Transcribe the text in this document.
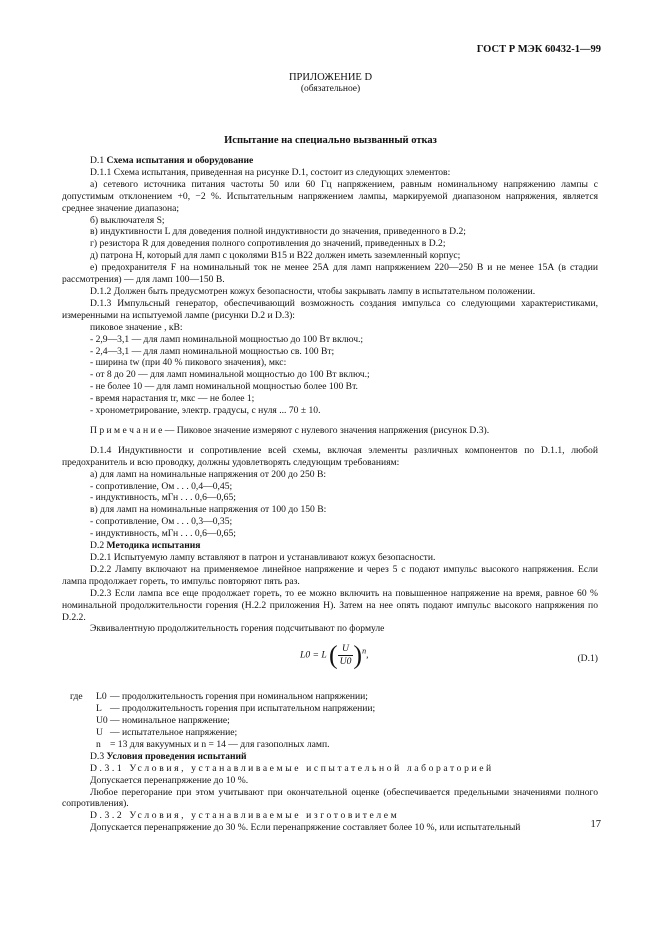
ГОСТ Р МЭК 60432-1—99
ПРИЛОЖЕНИЕ D
(обязательное)
Испытание на специально вызванный отказ

D.1 Схема испытания и оборудование

D.1.1 Схема испытания, приведенная на рисунке D.1, состоит из следующих элементов:

а) сетевого источника питания частоты 50 или 60 Гц напряжением, равным номинальному напряжению лампы с допустимым отклонением +0, −2 %. Испытательным напряжением лампы, маркируемой диапазоном напряжения, является среднее значение диапазона;

б) выключателя S;

в) индуктивности L для доведения полной индуктивности до значения, приведенного в D.2;

г) резистора R для доведения полного сопротивления до значений, приведенных в D.2;

д) патрона H, который для ламп с цоколями B15 и B22 должен иметь заземленный корпус;

е) предохранителя F на номинальный ток не менее 25А для ламп напряжением 220—250 В и не менее 15А (в стадии рассмотрения) — для ламп 100—150 В.

D.1.2 Должен быть предусмотрен кожух безопасности, чтобы закрывать лампу в испытательном положении.

D.1.3 Импульсный генератор, обеспечивающий возможность создания импульса со следующими характеристиками, измеренными на испытуемой лампе (рисунки D.2 и D.3):

пиковое значение , кВ:

- 2,9—3,1 — для ламп номинальной мощностью до 100 Вт включ.;

- 2,4—3,1 — для ламп номинальной мощностью св. 100 Вт;

- ширина tw (при 40 % пикового значения), мкс:

- от 8 до 20 — для ламп номинальной мощностью до 100 Вт включ.;

- не более 10 — для ламп номинальной мощностью более 100 Вт.

- время нарастания tr, мкс — не более 1;

- хронометрирование, электр. градусы, с нуля ... 70 ± 10.

П р и м е ч а н и е — Пиковое значение измеряют с нулевого значения напряжения (рисунок D.3).

D.1.4 Индуктивности и сопротивление всей схемы, включая элементы различных компонентов по D.1.1, любой предохранитель и всю проводку, должны удовлетворять следующим требованиям:

а) для ламп на номинальные напряжения от 200 до 250 В:

- сопротивление, Ом . . . 0,4—0,45;

- индуктивность, мГн . . . 0,6—0,65;

в) для ламп на номинальные напряжения от 100 до 150 В:

- сопротивление, Ом . . . 0,3—0,35;

- индуктивность, мГн . . . 0,6—0,65;

D.2 Методика испытания

D.2.1 Испытуемую лампу вставляют в патрон и устанавливают кожух безопасности.

D.2.2 Лампу включают на применяемое линейное напряжение и через 5 с подают импульс высокого напряжения. Если лампа продолжает гореть, то импульс повторяют пять раз.

D.2.3 Если лампа все еще продолжает гореть, то ее можно включить на повышенное напряжение на время, равное 60 % номинальной продолжительности горения (Н.2.2 приложения Н). Затем на нее опять подают импульс высокого напряжения по D.2.2.

Эквивалентную продолжительность горения подсчитывают по формуле

L0 = L ( $\frac{U}{U0} )^n$,	(D.1)
где L0 — продолжительность горения при номинальном напряжении;
L — продолжительность горения при испытательном напряжении;
U0 — номинальное напряжение;
U — испытательное напряжение;
n = 13 для вакуумных и n = 14 — для газополных ламп.

D.3 Условия проведения испытаний

D.3.1 Условия, устанавливаемые испытательной лабораторией

Допускается перенапряжение до 10 %.

Любое перегорание при этом учитывают при окончательной оценке (обеспечивается предельными значениями полного сопротивления).

D.3.2 Условия, устанавливаемые изготовителем

Допускается перенапряжение до 30 %. Если перенапряжение составляет более 10 %, или испытательный	17
